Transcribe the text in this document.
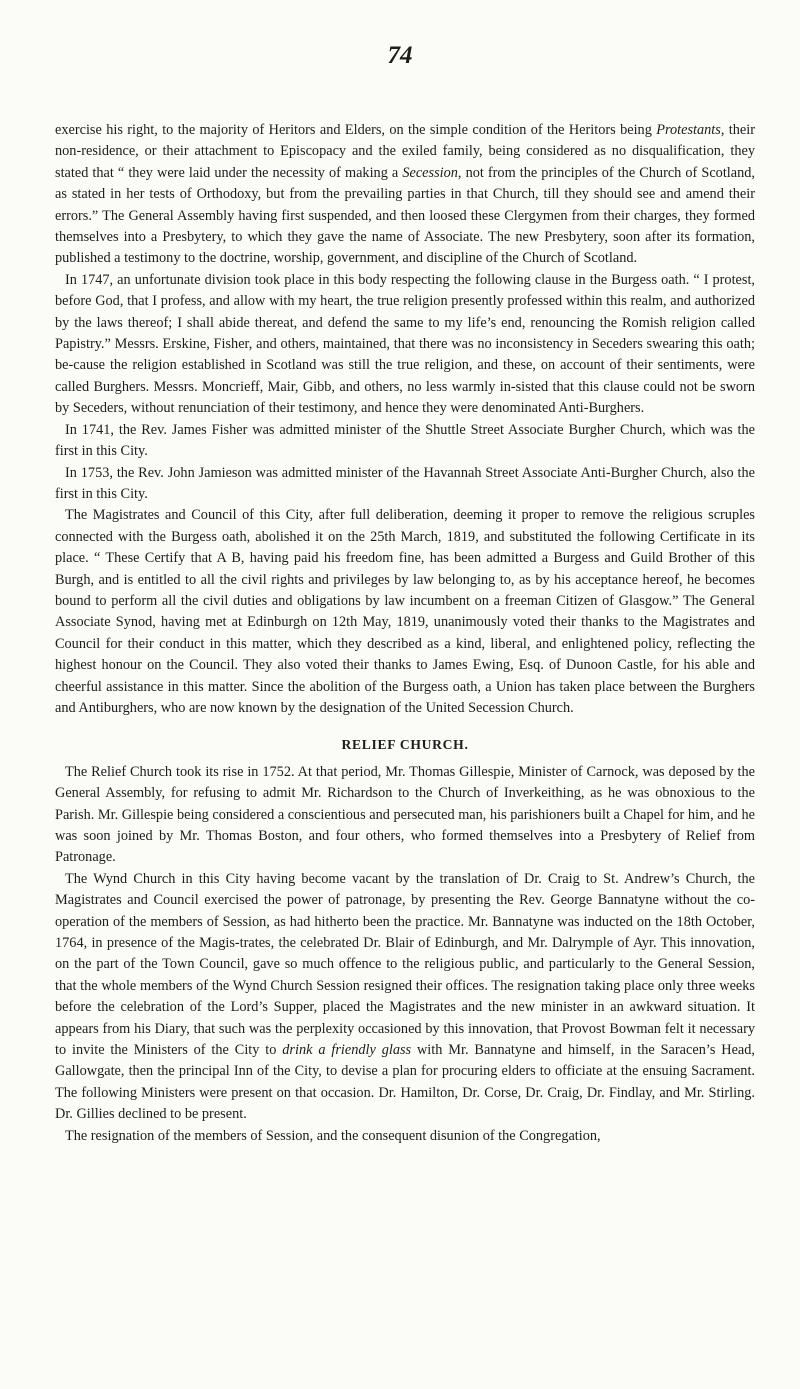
74

exercise his right, to the majority of Heritors and Elders, on the simple condition of the Heritors being Protestants, their non-residence, or their attachment to Episcopacy and the exiled family, being considered as no disqualification, they stated that “ they were laid under the necessity of making a Secession, not from the principles of the Church of Scotland, as stated in her tests of Orthodoxy, but from the prevailing parties in that Church, till they should see and amend their errors.” The General Assembly having first suspended, and then loosed these Clergymen from their charges, they formed themselves into a Presbytery, to which they gave the name of Associate. The new Presbytery, soon after its formation, published a testimony to the doctrine, worship, government, and discipline of the Church of Scotland.

In 1747, an unfortunate division took place in this body respecting the following clause in the Burgess oath. “ I protest, before God, that I profess, and allow with my heart, the true religion presently professed within this realm, and authorized by the laws thereof; I shall abide thereat, and defend the same to my life’s end, renouncing the Romish religion called Papistry.” Messrs. Erskine, Fisher, and others, maintained, that there was no inconsistency in Seceders swearing this oath; be-cause the religion established in Scotland was still the true religion, and these, on account of their sentiments, were called Burghers. Messrs. Moncrieff, Mair, Gibb, and others, no less warmly in-sisted that this clause could not be sworn by Seceders, without renunciation of their testimony, and hence they were denominated Anti-Burghers.

In 1741, the Rev. James Fisher was admitted minister of the Shuttle Street Associate Burgher Church, which was the first in this City.

In 1753, the Rev. John Jamieson was admitted minister of the Havannah Street Associate Anti-Burgher Church, also the first in this City.

The Magistrates and Council of this City, after full deliberation, deeming it proper to remove the religious scruples connected with the Burgess oath, abolished it on the 25th March, 1819, and substituted the following Certificate in its place. “ These Certify that A B, having paid his freedom fine, has been admitted a Burgess and Guild Brother of this Burgh, and is entitled to all the civil rights and privileges by law belonging to, as by his acceptance hereof, he becomes bound to perform all the civil duties and obligations by law incumbent on a freeman Citizen of Glasgow.” The General Associate Synod, having met at Edinburgh on 12th May, 1819, unanimously voted their thanks to the Magistrates and Council for their conduct in this matter, which they described as a kind, liberal, and enlightened policy, reflecting the highest honour on the Council. They also voted their thanks to James Ewing, Esq. of Dunoon Castle, for his able and cheerful assistance in this matter. Since the abolition of the Burgess oath, a Union has taken place between the Burghers and Antiburghers, who are now known by the designation of the United Secession Church.

RELIEF CHURCH.

The Relief Church took its rise in 1752. At that period, Mr. Thomas Gillespie, Minister of Carnock, was deposed by the General Assembly, for refusing to admit Mr. Richardson to the Church of Inverkeithing, as he was obnoxious to the Parish. Mr. Gillespie being considered a conscientious and persecuted man, his parishioners built a Chapel for him, and he was soon joined by Mr. Thomas Boston, and four others, who formed themselves into a Presbytery of Relief from Patronage.

The Wynd Church in this City having become vacant by the translation of Dr. Craig to St. Andrew’s Church, the Magistrates and Council exercised the power of patronage, by presenting the Rev. George Bannatyne without the co-operation of the members of Session, as had hitherto been the practice. Mr. Bannatyne was inducted on the 18th October, 1764, in presence of the Magis-trates, the celebrated Dr. Blair of Edinburgh, and Mr. Dalrymple of Ayr. This innovation, on the part of the Town Council, gave so much offence to the religious public, and particularly to the General Session, that the whole members of the Wynd Church Session resigned their offices. The resignation taking place only three weeks before the celebration of the Lord’s Supper, placed the Magistrates and the new minister in an awkward situation. It appears from his Diary, that such was the perplexity occasioned by this innovation, that Provost Bowman felt it necessary to invite the Ministers of the City to drink a friendly glass with Mr. Bannatyne and himself, in the Saracen’s Head, Gallowgate, then the principal Inn of the City, to devise a plan for procuring elders to officiate at the ensuing Sacrament. The following Ministers were present on that occasion. Dr. Hamilton, Dr. Corse, Dr. Craig, Dr. Findlay, and Mr. Stirling. Dr. Gillies declined to be present.

The resignation of the members of Session, and the consequent disunion of the Congregation,
